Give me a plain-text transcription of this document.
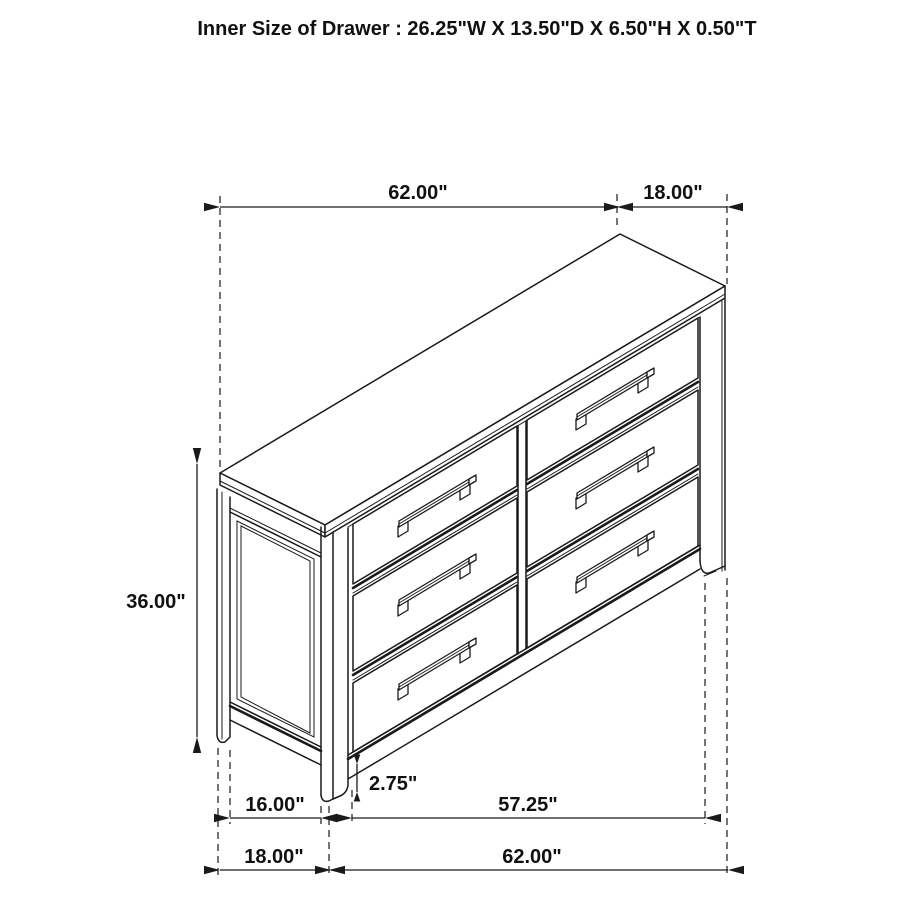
62.00"	18.00"
36.00"
2.75"
16.00"	57.25"
18.00"	62.00"
Inner Size of Drawer : 26.25"W X 13.50"D X 6.50"H X 0.50"T
